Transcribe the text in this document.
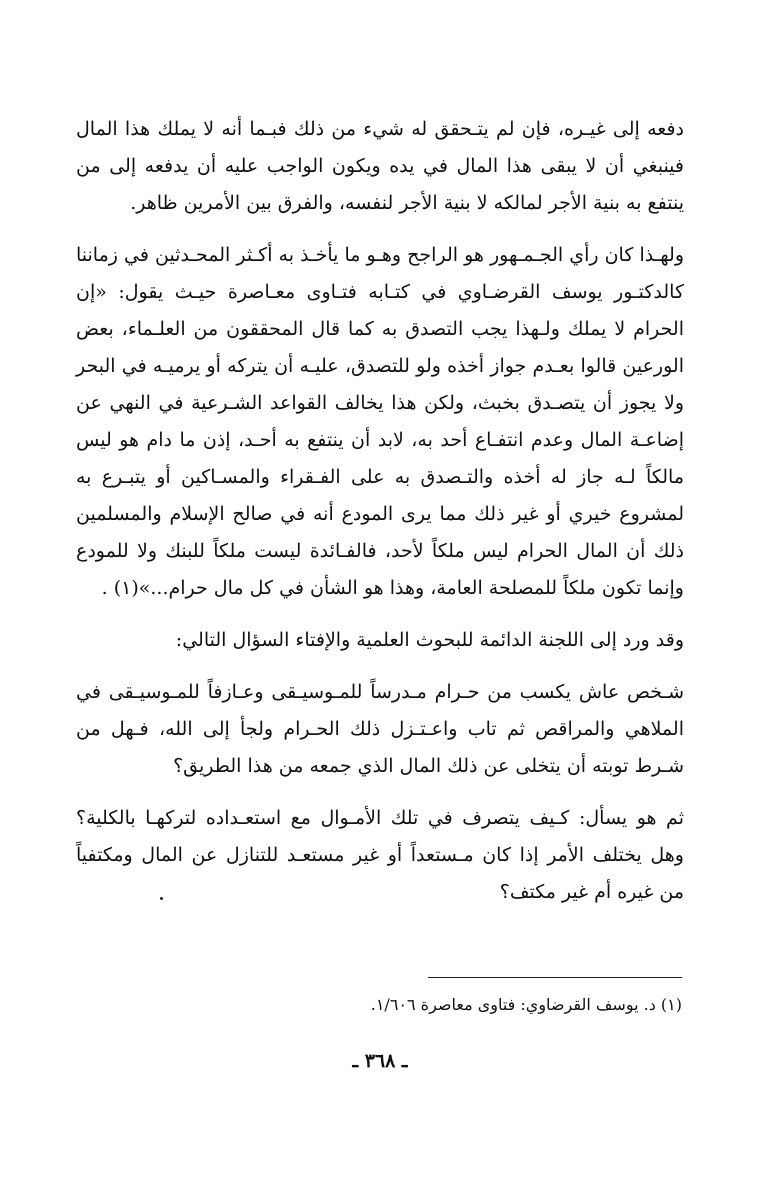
دفعه إلى غيـره، فإن لم يتـحقق له شيء من ذلك فبـما أنه لا يملك هذا المال فينبغي أن لا يبقى هذا المال في يده ويكون الواجب عليه أن يدفعه إلى من ينتفع به بنية الأجر لمالكه لا بنية الأجر لنفسه، والفرق بين الأمرين ظاهر.

ولهـذا كان رأي الجـمـهور هو الراجح وهـو ما يأخـذ به أكـثر المحـدثين في زماننا كالدكتـور يوسف القرضـاوي في كتـابه فتـاوى معـاصرة حيـث يقول: «إن الحرام لا يملك ولـهذا يجب التصدق به كما قال المحققون من العلـماء، بعض الورعين قالوا بعـدم جواز أخذه ولو للتصدق، عليـه أن يتركه أو يرميـه في البحر ولا يجوز أن يتصـدق بخبث، ولكن هذا يخالف القواعد الشـرعية في النهي عن إضاعـة المال وعدم انتفـاع أحد به، لابد أن ينتفع به أحـد، إذن ما دام هو ليس مالكاً لـه جاز له أخذه والتـصدق به على الفـقراء والمسـاكين أو يتبـرع به لمشروع خيري أو غير ذلك مما يرى المودع أنه في صالح الإسلام والمسلمين ذلك أن المال الحرام ليس ملكاً لأحد، فالفـائدة ليست ملكاً للبنك ولا للمودع وإنما تكون ملكاً للمصلحة العامة، وهذا هو الشأن في كل مال حرام...»(١) .

وقد ورد إلى اللجنة الدائمة للبحوث العلمية والإفتاء السؤال التالي:

شـخص عاش يكسب من حـرام مـدرساً للمـوسيـقى وعـازفاً للمـوسيـقى في الملاهي والمراقص ثم تاب واعـتـزل ذلك الحـرام ولجأ إلى الله، فـهل من شـرط توبته أن يتخلى عن ذلك المال الذي جمعه من هذا الطريق؟

ثم هو يسأل: كـيف يتصرف في تلك الأمـوال مع استعـداده لتركهـا بالكلية؟ وهل يختلف الأمر إذا كان مـستعداً أو غير مستعـد للتنازل عن المال ومكتفياً من غيره أم غير مكتف؟

(١) د. يوسف القرضاوي: فتاوى معاصرة ١/٦٠٦.
ـ ٣٦٨ ـ
